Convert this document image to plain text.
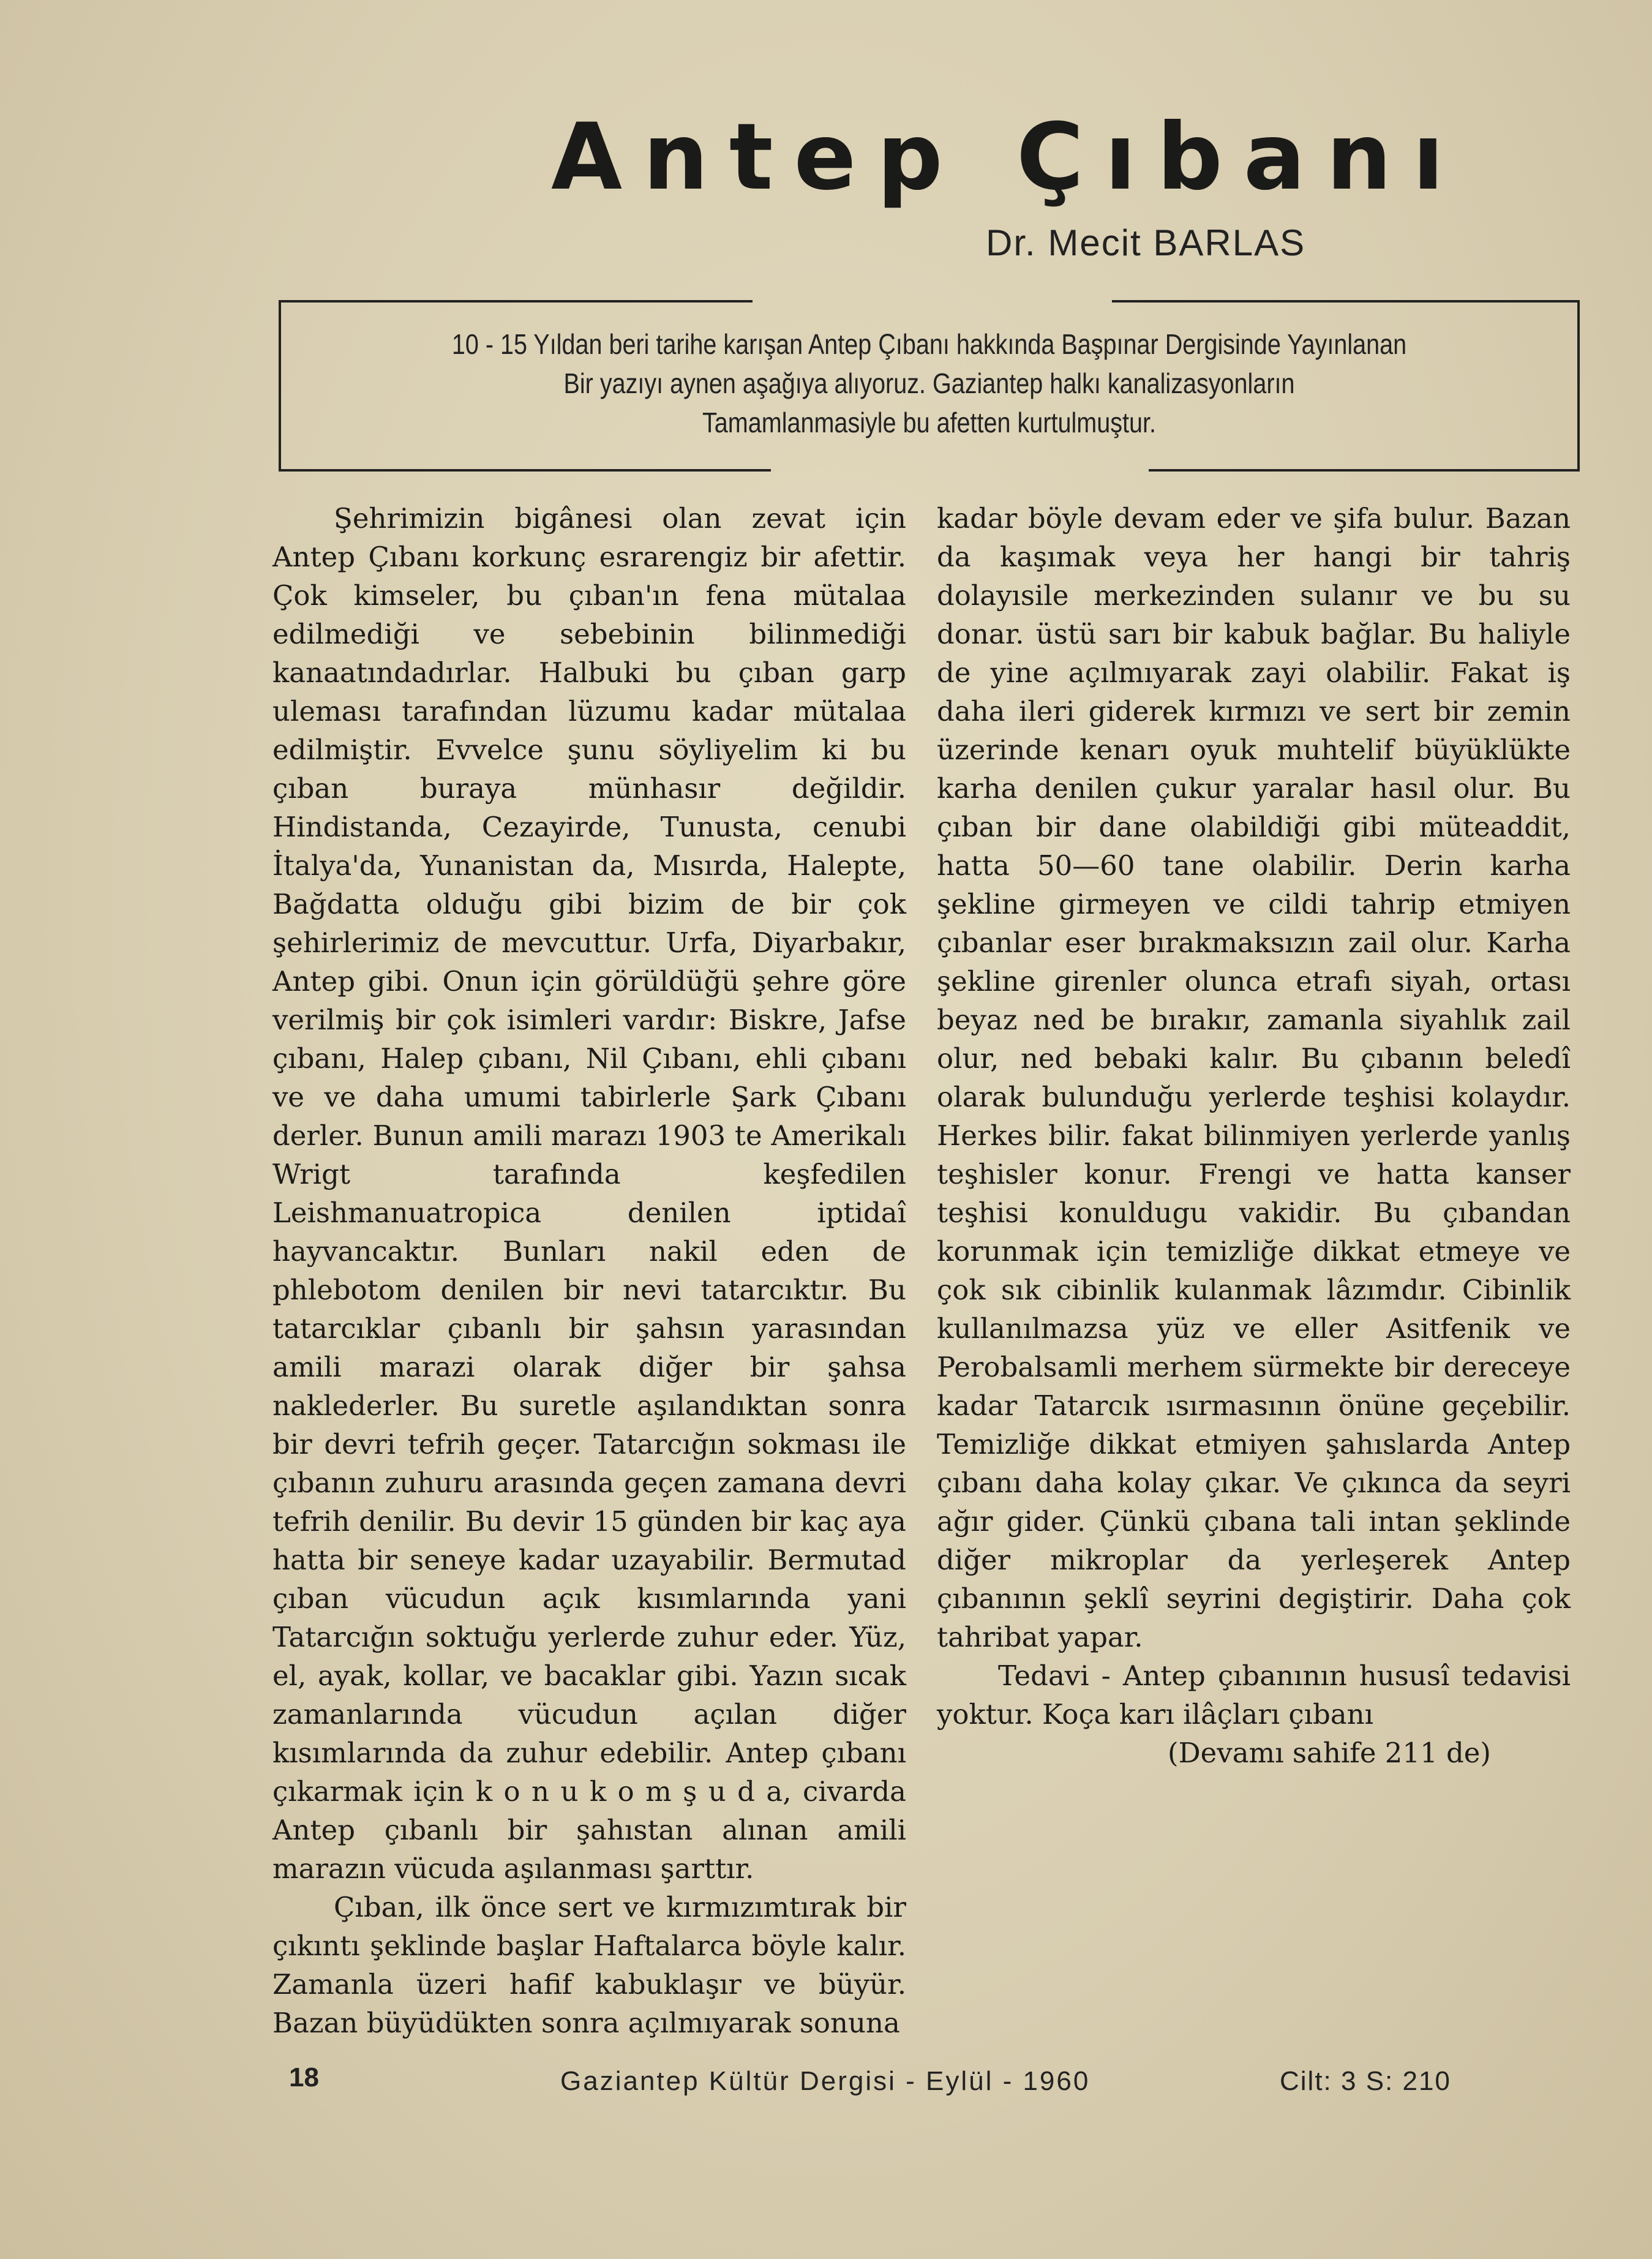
Antep Çıbanı
Dr. Mecit BARLAS
10 - 15 Yıldan beri tarihe karışan Antep Çıbanı hakkında Başpınar Dergisinde Yayınlanan
Bir yazıyı aynen aşağıya alıyoruz. Gaziantep halkı kanalizasyonların
Tamamlanmasiyle bu afetten kurtulmuştur.

Şehrimizin bigânesi olan zevat için Antep Çıbanı korkunç esrarengiz bir afettir. Çok kimseler, bu çıban'ın fena mütalaa edilmediği ve sebebinin bilinmediği kanaatındadırlar. Halbuki bu çıban garp uleması tarafından lüzumu kadar mütalaa edilmiştir. Evvelce şunu söyliyelim ki bu çıban buraya münhasır değildir. Hindistanda, Cezayirde, Tunusta, cenubi İtalya'da, Yunanistan da, Mısırda, Halepte, Bağdatta olduğu gibi bizim de bir çok şehirlerimiz de mevcuttur. Urfa, Diyarbakır, Antep gibi. Onun için görüldüğü şehre göre verilmiş bir çok isimleri vardır: Biskre, Jafse çıbanı, Halep çıbanı, Nil Çıbanı, ehli çıbanı ve ve daha umumi tabirlerle Şark Çıbanı derler. Bunun amili marazı 1903 te Amerikalı Wrigt tarafında keşfedilen Leishmanuatropica denilen iptidaî hayvancaktır. Bunları nakil eden de phlebotom denilen bir nevi tatarcıktır. Bu tatarcıklar çıbanlı bir şahsın yarasından amili marazi olarak diğer bir şahsa naklederler. Bu suretle aşılandıktan sonra bir devri tefrih geçer. Tatarcığın sokması ile çıbanın zuhuru arasında geçen zamana devri tefrih denilir. Bu devir 15 günden bir kaç aya hatta bir seneye kadar uzayabilir. Bermutad çıban vücudun açık kısımlarında yani Tatarcığın soktuğu yerlerde zuhur eder. Yüz, el, ayak, kollar, ve bacaklar gibi. Yazın sıcak zamanlarında vücudun açılan diğer kısımlarında da zuhur edebilir. Antep çıbanı çıkarmak için k o n u k o m ş u d a, civarda Antep çıbanlı bir şahıstan alınan amili marazın vücuda aşılanması şarttır.

Çıban, ilk önce sert ve kırmızımtırak bir çıkıntı şeklinde başlar Haftalarca böyle kalır. Zamanla üzeri hafif kabuklaşır ve büyür. Bazan büyüdükten sonra açılmıyarak sonuna

kadar böyle devam eder ve şifa bulur. Bazan da kaşımak veya her hangi bir tahriş dolayısile merkezinden sulanır ve bu su donar. üstü sarı bir kabuk bağlar. Bu haliyle de yine açılmıyarak zayi olabilir. Fakat iş daha ileri giderek kırmızı ve sert bir zemin üzerinde kenarı oyuk muhtelif büyüklükte karha denilen çukur yaralar hasıl olur. Bu çıban bir dane olabildiği gibi müteaddit, hatta 50—60 tane olabilir. Derin karha şekline girmeyen ve cildi tahrip etmiyen çıbanlar eser bırakmaksızın zail olur. Karha şekline girenler olunca etrafı siyah, ortası beyaz ned be bırakır, zamanla siyahlık zail olur, ned bebaki kalır. Bu çıbanın beledî olarak bulunduğu yerlerde teşhisi kolaydır. Herkes bilir. fakat bilinmiyen yerlerde yanlış teşhisler konur. Frengi ve hatta kanser teşhisi konuldugu vakidir. Bu çıbandan korunmak için temizliğe dikkat etmeye ve çok sık cibinlik kulanmak lâzımdır. Cibinlik kullanılmazsa yüz ve eller Asitfenik ve Perobalsamli merhem sürmekte bir dereceye kadar Tatarcık ısırmasının önüne geçebilir. Temizliğe dikkat etmiyen şahıslarda Antep çıbanı daha kolay çıkar. Ve çıkınca da seyri ağır gider. Çünkü çıbana tali intan şeklinde diğer mikroplar da yerleşerek Antep çıbanının şeklî seyrini degiştirir. Daha çok tahribat yapar.

Tedavi - Antep çıbanının hususî tedavisi yoktur. Koça karı ilâçları çıbanı

(Devamı sahife 211 de)

18	Gaziantep Kültür Dergisi - Eylül - 1960	Cilt: 3 S: 210
